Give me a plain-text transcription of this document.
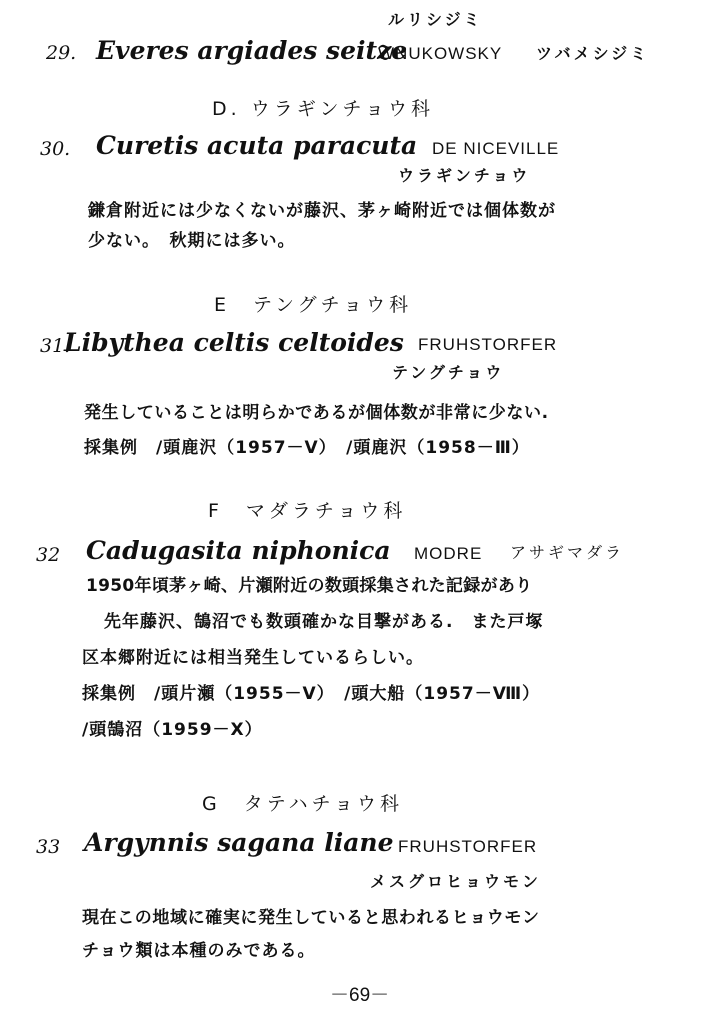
ルリシジミ
29. Everes argiades seitze
WNUKOWSKY ツバメシジミ
D. ウラギンチョウ科
30. Curetis acuta paracuta DE NICEVILLE
ウラギンチョウ
鎌倉附近には少なくないが藤沢、茅ヶ崎附近では個体数が
少ない。　秋期には多い。
E　テングチョウ科
31.
Libythea celtis celtoides FRUHSTORFER
テングチョウ
発生していることは明らかであるが個体数が非常に少ない.
採集例　/頭鹿沢（1957－Ⅴ）　/頭鹿沢（1958－Ⅲ）
F　マダラチョウ科
32 Cadugasita niphonica MODRE アサギマダラ
1950年頃茅ヶ崎、片瀬附近の数頭採集された記録があり
先年藤沢、鵠沼でも数頭確かな目撃がある.　また戸塚
区本郷附近には相当発生しているらしい。
採集例　/頭片瀬（1955－Ⅴ）　/頭大船（1957－Ⅷ）
/頭鵠沼（1959－Ⅹ）
G　タテハチョウ科
33 Argynnis sagana liane FRUHSTORFER
メスグロヒョウモン
現在この地域に確実に発生していると思われるヒョウモン
チョウ類は本種のみである。
－69－
